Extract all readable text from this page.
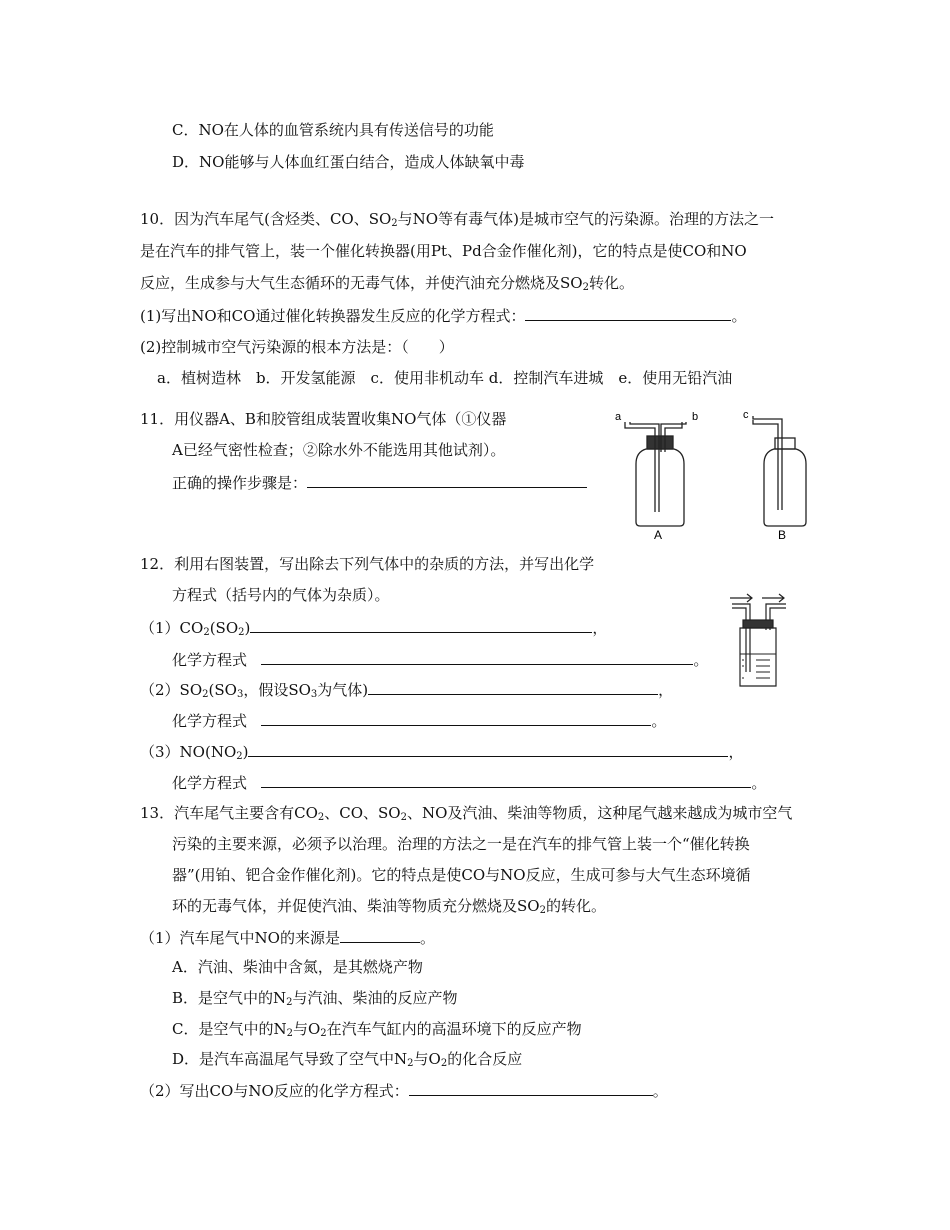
C．NO在人体的血管系统内具有传送信号的功能
D．NO能够与人体血红蛋白结合，造成人体缺氧中毒
10．因为汽车尾气(含烃类、CO、$SO_2$与NO等有毒气体)是城市空气的污染源。治理的方法之一
是在汽车的排气管上，装一个催化转换器(用Pt、Pd合金作催化剂)，它的特点是使CO和NO
反应，生成参与大气生态循环的无毒气体，并使汽油充分燃烧及$SO_2$转化。
(1)写出NO和CO通过催化转换器发生反应的化学方程式：	。
(2)控制城市空气污染源的根本方法是：（　　）
a．植树造林　b．开发氢能源　c．使用非机动车 d．控制汽车进城　e．使用无铅汽油
11．用仪器A、B和胶管组成装置收集NO气体（①仪器
A已经气密性检查；②除水外不能选用其他试剂）。
正确的操作步骤是：
a	b	c
A	B
12．利用右图装置，写出除去下列气体中的杂质的方法，并写出化学
方程式（括号内的气体为杂质）。
$(1)CO_2(SO_2)$	，
化学方程式	。
$(2)SO_2(SO_3$，假设$SO_3$为气体)	，
化学方程式	。
$(3)NO(NO_2)$	，
化学方程式	。
13．汽车尾气主要含有$CO_2$、CO、$SO_2$、NO及汽油、柴油等物质，这种尾气越来越成为城市空气
污染的主要来源，必须予以治理。治理的方法之一是在汽车的排气管上装一个“催化转换
器”(用铂、钯合金作催化剂)。它的特点是使CO与NO反应，生成可参与大气生态环境循
环的无毒气体，并促使汽油、柴油等物质充分燃烧及$SO_2$的转化。
（1）汽车尾气中NO的来源是	。
A．汽油、柴油中含氮，是其燃烧产物
B．是空气中的$N_2$与汽油、柴油的反应产物
C．是空气中的$N_2$与$O_2$在汽车气缸内的高温环境下的反应产物
D．是汽车高温尾气导致了空气中$N_2$与$O_2$的化合反应
（2）写出CO与NO反应的化学方程式：	。
